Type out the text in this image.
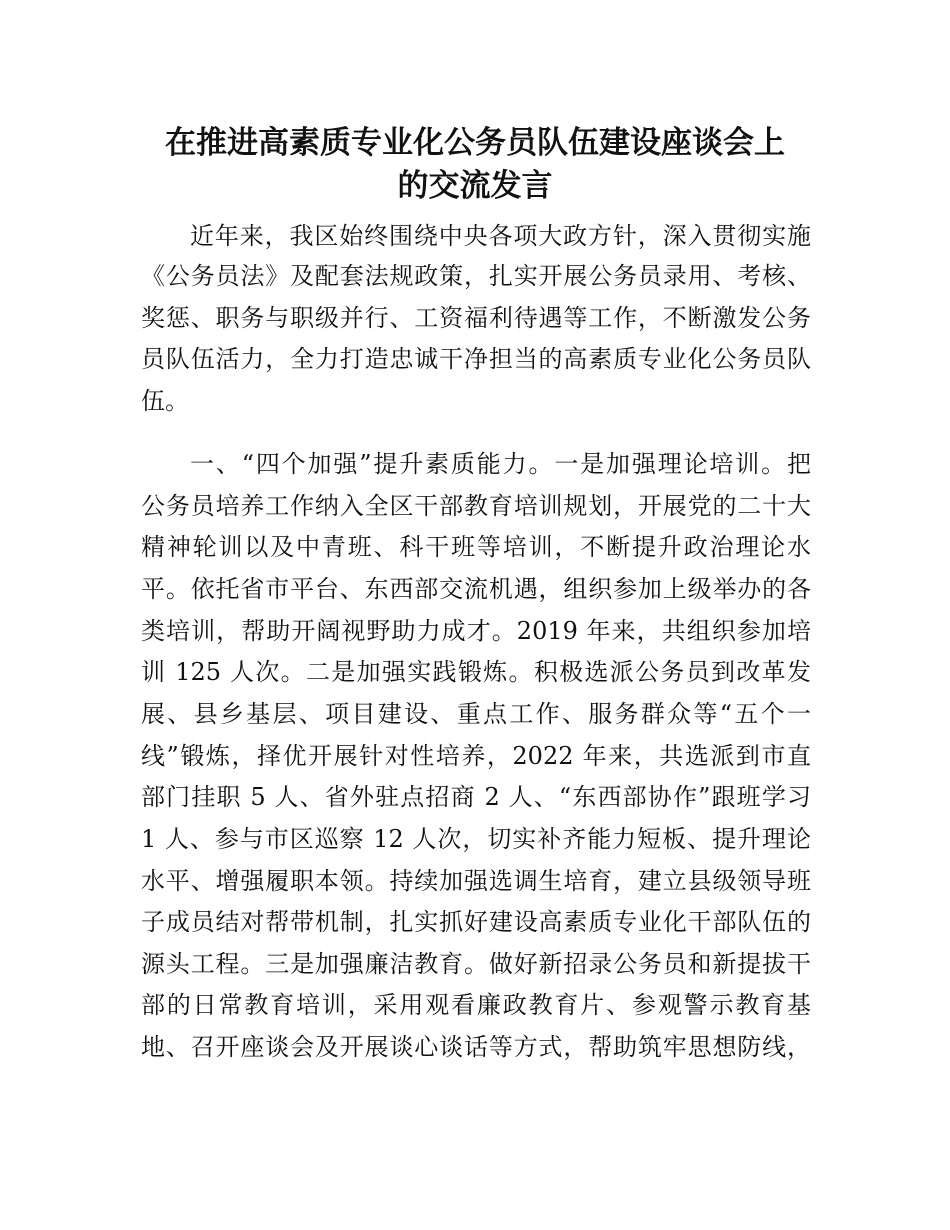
在推进高素质专业化公务员队伍建设座谈会上
的交流发言
近年来，我区始终围绕中央各项大政方针，深入贯彻实施
《公务员法》及配套法规政策，扎实开展公务员录用、考核、
奖惩、职务与职级并行、工资福利待遇等工作，不断激发公务
员队伍活力，全力打造忠诚干净担当的高素质专业化公务员队
伍。
一、“四个加强”提升素质能力。一是加强理论培训。把
公务员培养工作纳入全区干部教育培训规划，开展党的二十大
精神轮训以及中青班、科干班等培训，不断提升政治理论水
平。依托省市平台、东西部交流机遇，组织参加上级举办的各
类培训，帮助开阔视野助力成才。2019 年来，共组织参加培
训 125 人次。二是加强实践锻炼。积极选派公务员到改革发
展、县乡基层、项目建设、重点工作、服务群众等“五个一
线”锻炼，择优开展针对性培养，2022 年来，共选派到市直
部门挂职 5 人、省外驻点招商 2 人、“东西部协作”跟班学习
1 人、参与市区巡察 12 人次，切实补齐能力短板、提升理论
水平、增强履职本领。持续加强选调生培育，建立县级领导班
子成员结对帮带机制，扎实抓好建设高素质专业化干部队伍的
源头工程。三是加强廉洁教育。做好新招录公务员和新提拔干
部的日常教育培训，采用观看廉政教育片、参观警示教育基
地、召开座谈会及开展谈心谈话等方式，帮助筑牢思想防线，
